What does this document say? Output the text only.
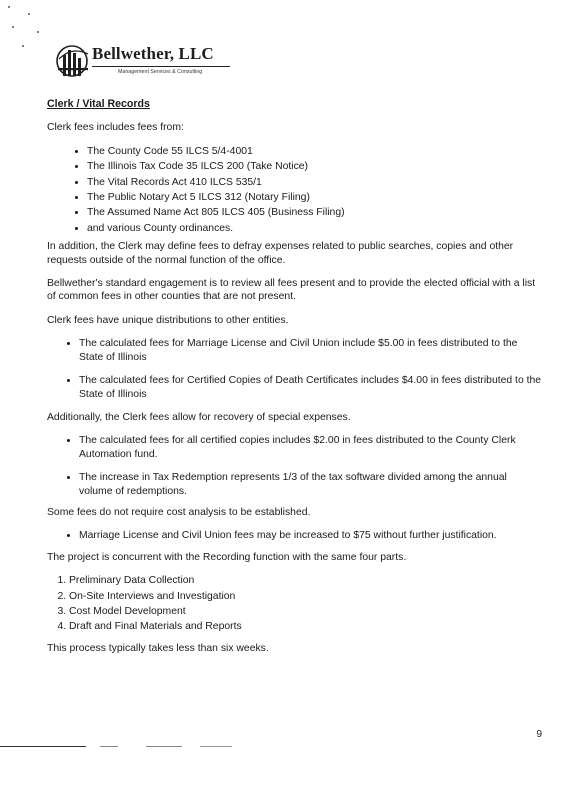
Bellwether, LLC
Management Services & Consulting
Clerk / Vital Records

Clerk fees includes fees from:

• The County Code 55 ILCS 5/4-4001
• The Illinois Tax Code 35 ILCS 200 (Take Notice)
• The Vital Records Act 410 ILCS 535/1
• The Public Notary Act 5 ILCS 312 (Notary Filing)
• The Assumed Name Act 805 ILCS 405 (Business Filing)
• and various County ordinances.

In addition, the Clerk may define fees to defray expenses related to public searches, copies and other requests outside of the normal function of the office.

Bellwether's standard engagement is to review all fees present and to provide the elected official with a list of common fees in other counties that are not present.

Clerk fees have unique distributions to other entities.

• The calculated fees for Marriage License and Civil Union include $5.00 in fees distributed to the State of Illinois
• The calculated fees for Certified Copies of Death Certificates includes $4.00 in fees distributed to the State of Illinois

Additionally, the Clerk fees allow for recovery of special expenses.

• The calculated fees for all certified copies includes $2.00 in fees distributed to the County Clerk Automation fund.
• The increase in Tax Redemption represents 1/3 of the tax software divided among the annual volume of redemptions.

Some fees do not require cost analysis to be established.

• Marriage License and Civil Union fees may be increased to $75 without further justification.

The project is concurrent with the Recording function with the same four parts.

1. Preliminary Data Collection
2. On-Site Interviews and Investigation
3. Cost Model Development
4. Draft and Final Materials and Reports

This process typically takes less than six weeks.

9
